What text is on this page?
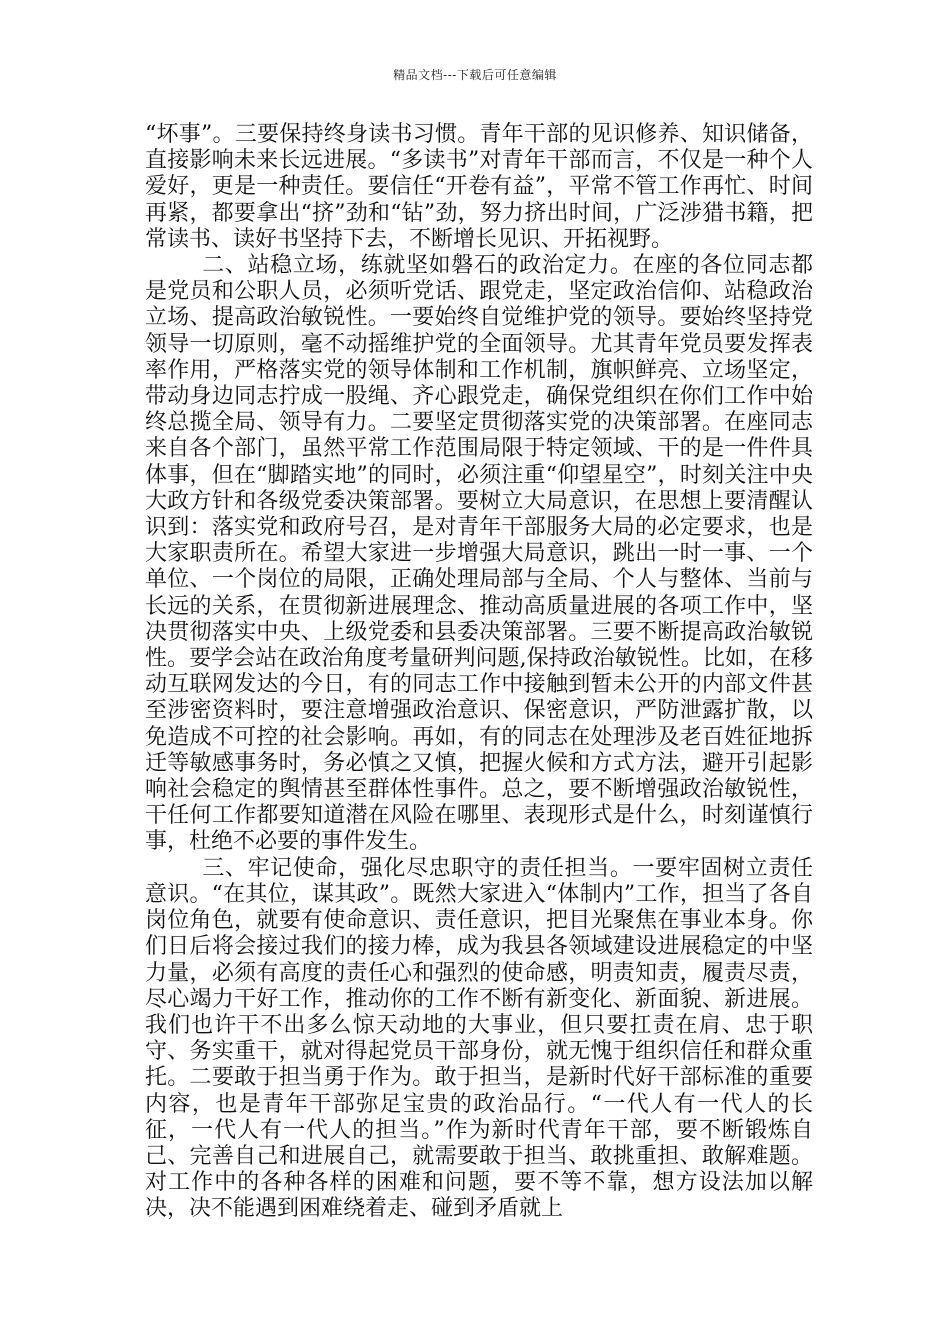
精品文档---下载后可任意编辑

“坏事”。三要保持终身读书习惯。青年干部的见识修养、知识储备，直接影响未来长远进展。“多读书”对青年干部而言，不仅是一种个人爱好，更是一种责任。要信任“开卷有益”，平常不管工作再忙、时间再紧，都要拿出“挤”劲和“钻”劲，努力挤出时间，广泛涉猎书籍，把常读书、读好书坚持下去，不断增长见识、开拓视野。

二、站稳立场，练就坚如磐石的政治定力。在座的各位同志都是党员和公职人员，必须听党话、跟党走，坚定政治信仰、站稳政治立场、提高政治敏锐性。一要始终自觉维护党的领导。要始终坚持党领导一切原则，毫不动摇维护党的全面领导。尤其青年党员要发挥表率作用，严格落实党的领导体制和工作机制，旗帜鲜亮、立场坚定，带动身边同志拧成一股绳、齐心跟党走，确保党组织在你们工作中始终总揽全局、领导有力。二要坚定贯彻落实党的决策部署。在座同志来自各个部门，虽然平常工作范围局限于特定领域、干的是一件件具体事，但在“脚踏实地”的同时，必须注重“仰望星空”，时刻关注中央大政方针和各级党委决策部署。要树立大局意识，在思想上要清醒认识到：落实党和政府号召，是对青年干部服务大局的必定要求，也是大家职责所在。希望大家进一步增强大局意识，跳出一时一事、一个单位、一个岗位的局限，正确处理局部与全局、个人与整体、当前与长远的关系，在贯彻新进展理念、推动高质量进展的各项工作中，坚决贯彻落实中央、上级党委和县委决策部署。三要不断提高政治敏锐性。要学会站在政治角度考量研判问题,保持政治敏锐性。比如，在移动互联网发达的今日，有的同志工作中接触到暂未公开的内部文件甚至涉密资料时，要注意增强政治意识、保密意识，严防泄露扩散，以免造成不可控的社会影响。再如，有的同志在处理涉及老百姓征地拆迁等敏感事务时，务必慎之又慎，把握火候和方式方法，避开引起影响社会稳定的舆情甚至群体性事件。总之，要不断增强政治敏锐性，干任何工作都要知道潜在风险在哪里、表现形式是什么，时刻谨慎行事，杜绝不必要的事件发生。

三、牢记使命，强化尽忠职守的责任担当。一要牢固树立责任意识。“在其位，谋其政”。既然大家进入“体制内”工作，担当了各自岗位角色，就要有使命意识、责任意识，把目光聚焦在事业本身。你们日后将会接过我们的接力棒，成为我县各领域建设进展稳定的中坚力量，必须有高度的责任心和强烈的使命感，明责知责，履责尽责，尽心竭力干好工作，推动你的工作不断有新变化、新面貌、新进展。我们也许干不出多么惊天动地的大事业，但只要扛责在肩、忠于职守、务实重干，就对得起党员干部身份，就无愧于组织信任和群众重托。二要敢于担当勇于作为。敢于担当，是新时代好干部标准的重要内容，也是青年干部弥足宝贵的政治品行。“一代人有一代人的长征，一代人有一代人的担当。”作为新时代青年干部，要不断锻炼自己、完善自己和进展自己，就需要敢于担当、敢挑重担、敢解难题。对工作中的各种各样的困难和问题，要不等不靠，想方设法加以解决，决不能遇到困难绕着走、碰到矛盾就上
